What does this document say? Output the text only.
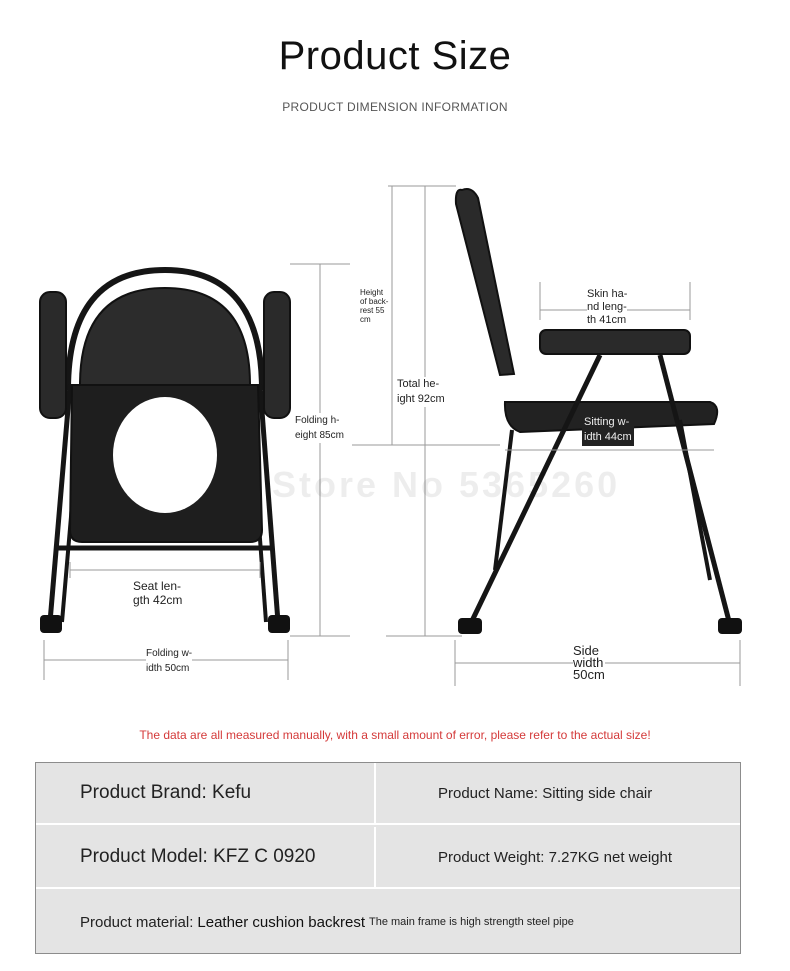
Product Size
PRODUCT DIMENSION INFORMATION
Store No 5365260
Seat len-
gth 42cm
Folding w-
idth 50cm
Folding h-
eight 85cm
Height
of back-
rest 55
cm
Total he-
ight 92cm
Skin ha-
nd leng-
th 41cm
Sitting w-
idth 44cm
Side
width
50cm
The data are all measured manually, with a small amount of error, please refer to the actual size!
Product Brand: Kefu	Product Name: Sitting side chair
Product Model: KFZ C 0920	Product Weight: 7.27KG net weight
Product material: Leather cushion backrest The main frame is high strength steel pipe
